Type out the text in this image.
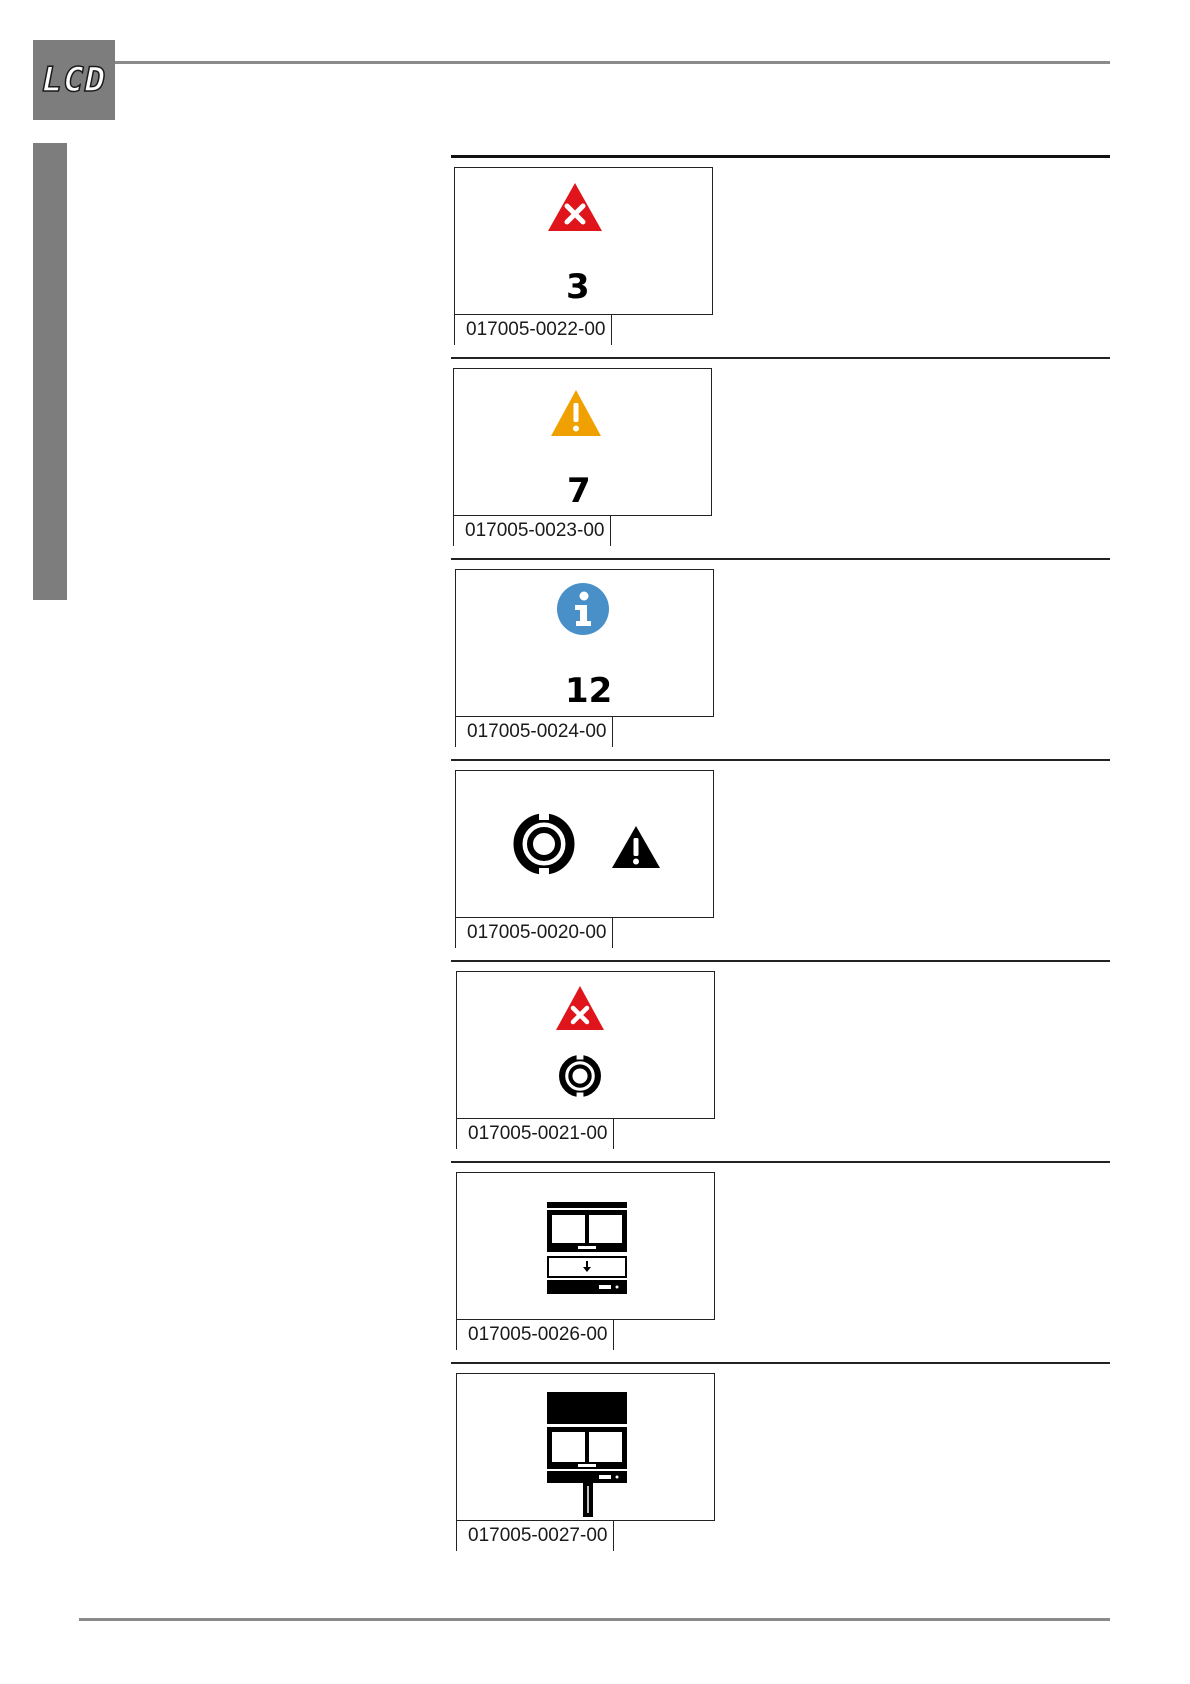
LCD
3
017005-0022-00
7
017005-0023-00
12
017005-0024-00
017005-0020-00
017005-0021-00
017005-0026-00
017005-0027-00
